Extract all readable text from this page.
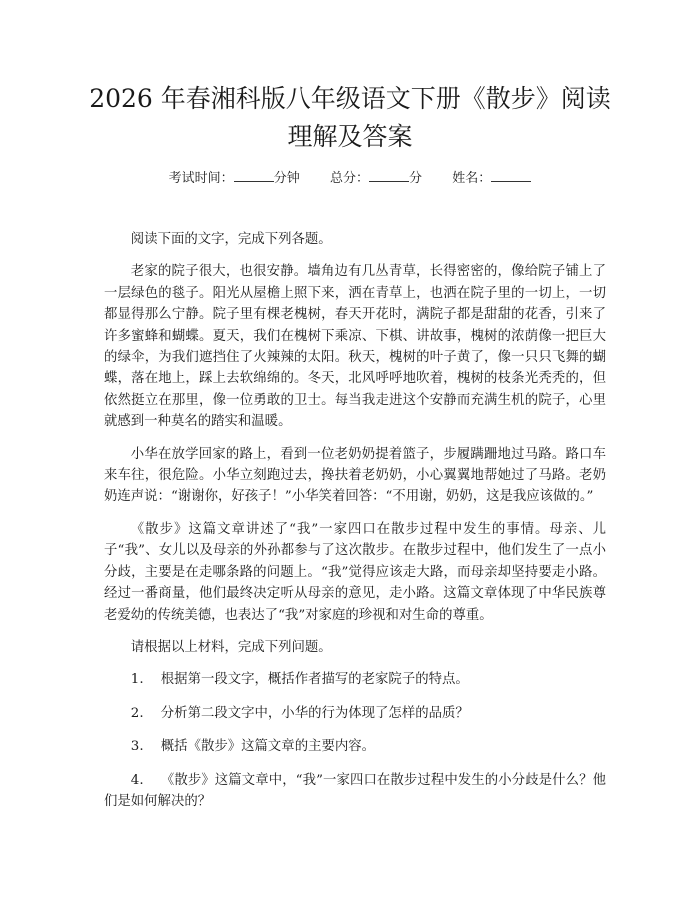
2026 年春湘科版八年级语文下册《散步》阅读理解及答案
考试时间：	分钟 总分：	分 姓名：

阅读下面的文字，完成下列各题。

老家的院子很大，也很安静。墙角边有几丛青草，长得密密的，像给院子铺上了一层绿色的毯子。阳光从屋檐上照下来，洒在青草上，也洒在院子里的一切上，一切都显得那么宁静。院子里有棵老槐树，春天开花时，满院子都是甜甜的花香，引来了许多蜜蜂和蝴蝶。夏天，我们在槐树下乘凉、下棋、讲故事，槐树的浓荫像一把巨大的绿伞，为我们遮挡住了火辣辣的太阳。秋天，槐树的叶子黄了，像一只只飞舞的蝴蝶，落在地上，踩上去软绵绵的。冬天，北风呼呼地吹着，槐树的枝条光秃秃的，但依然挺立在那里，像一位勇敢的卫士。每当我走进这个安静而充满生机的院子，心里就感到一种莫名的踏实和温暖。

小华在放学回家的路上，看到一位老奶奶提着篮子，步履蹒跚地过马路。路口车来车往，很危险。小华立刻跑过去，搀扶着老奶奶，小心翼翼地帮她过了马路。老奶奶连声说：“谢谢你，好孩子！”小华笑着回答：“不用谢，奶奶，这是我应该做的。”

《散步》这篇文章讲述了“我”一家四口在散步过程中发生的事情。母亲、儿子“我”、女儿以及母亲的外孙都参与了这次散步。在散步过程中，他们发生了一点小分歧，主要是在走哪条路的问题上。“我”觉得应该走大路，而母亲却坚持要走小路。经过一番商量，他们最终决定听从母亲的意见，走小路。这篇文章体现了中华民族尊老爱幼的传统美德，也表达了“我”对家庭的珍视和对生命的尊重。

请根据以上材料，完成下列问题。

1. 根据第一段文字，概括作者描写的老家院子的特点。

2. 分析第二段文字中，小华的行为体现了怎样的品质？

3. 概括《散步》这篇文章的主要内容。

4. 《散步》这篇文章中，“我”一家四口在散步过程中发生的小分歧是什么？他们是如何解决的？
